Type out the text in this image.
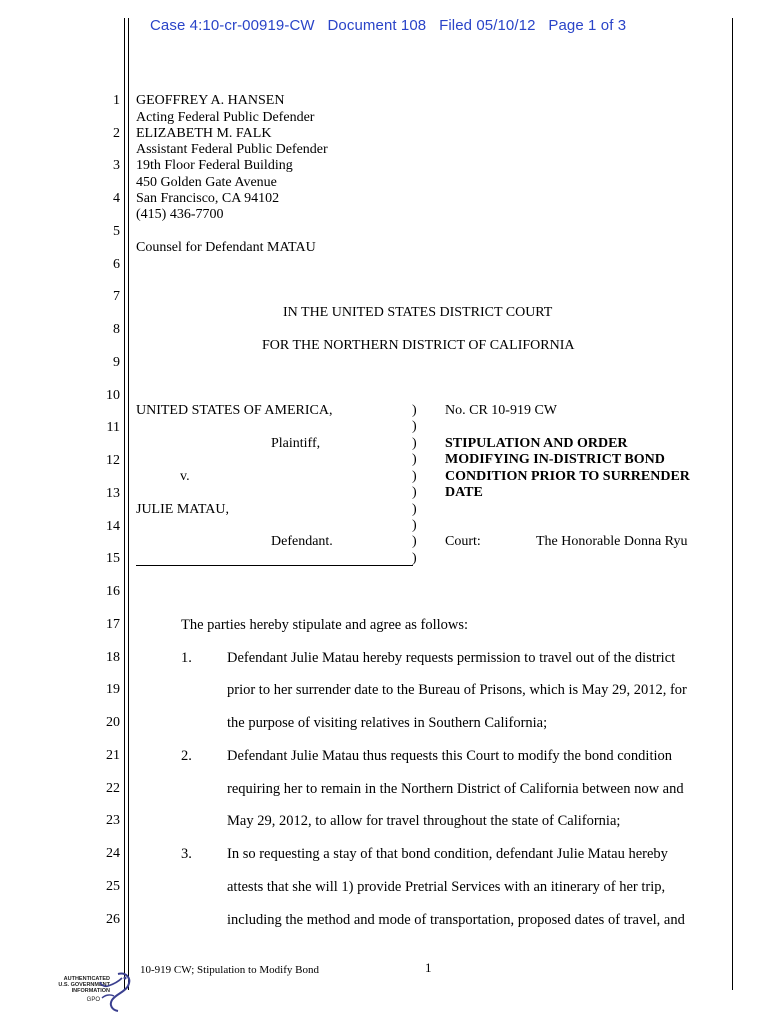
Case 4:10-cr-00919-CW Document 108 Filed 05/10/12 Page 1 of 3
1
2
3
4
5
6
7
8
9
10
11
12
13
14
15
16
17
18
19
20
21
22
23
24
25
26
GEOFFREY A. HANSEN
Acting Federal Public Defender
ELIZABETH M. FALK
Assistant Federal Public Defender
19th Floor Federal Building
450 Golden Gate Avenue
San Francisco, CA 94102
(415) 436-7700
Counsel for Defendant MATAU
IN THE UNITED STATES DISTRICT COURT
FOR THE NORTHERN DISTRICT OF CALIFORNIA
UNITED STATES OF AMERICA,
Plaintiff,
v.
JULIE MATAU,
Defendant.
)
)
)
)
)
)
)
)
)
)
No. CR 10-919 CW
STIPULATION AND ORDER
MODIFYING IN-DISTRICT BOND
CONDITION PRIOR TO SURRENDER
DATE
Court:	The Honorable Donna Ryu
The parties hereby stipulate and agree as follows:
1. Defendant Julie Matau hereby requests permission to travel out of the district
prior to her surrender date to the Bureau of Prisons, which is May 29, 2012, for
the purpose of visiting relatives in Southern California;
2. Defendant Julie Matau thus requests this Court to modify the bond condition
requiring her to remain in the Northern District of California between now and
May 29, 2012, to allow for travel throughout the state of California;
3. In so requesting a stay of that bond condition, defendant Julie Matau hereby
attests that she will 1) provide Pretrial Services with an itinerary of her trip,
including the method and mode of transportation, proposed dates of travel, and
10-919 CW; Stipulation to Modify Bond	1
AUTHENTICATED
U.S. GOVERNMENT
INFORMATION
GPO
